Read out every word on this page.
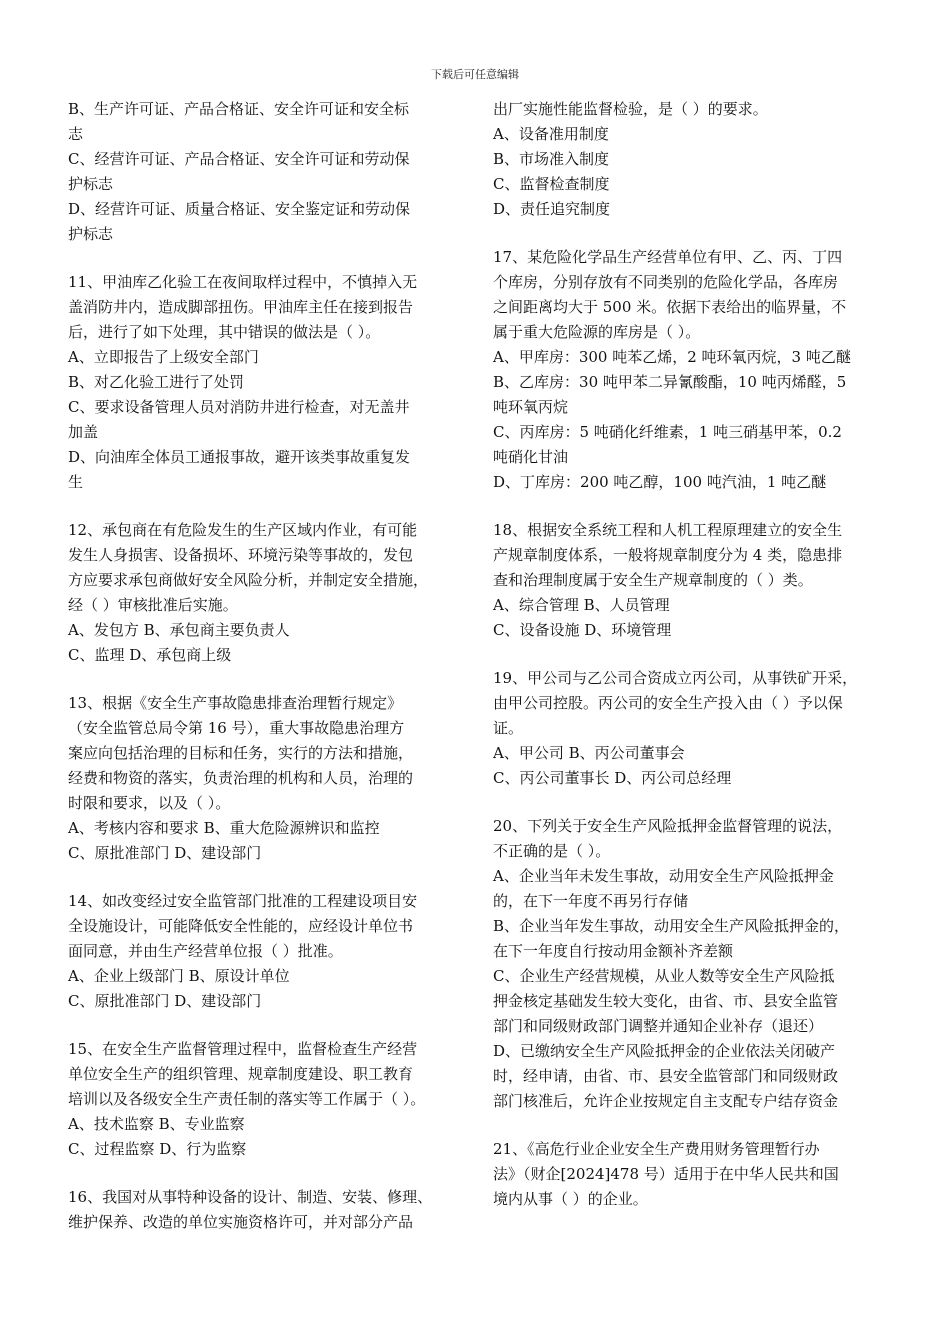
下载后可任意编辑
B、生产许可证、产品合格证、安全许可证和安全标
志
C、经营许可证、产品合格证、安全许可证和劳动保
护标志
D、经营许可证、质量合格证、安全鉴定证和劳动保
护标志
11、甲油库乙化验工在夜间取样过程中，不慎掉入无
盖消防井内，造成脚部扭伤。甲油库主任在接到报告
后，进行了如下处理，其中错误的做法是（ ）。
A、立即报告了上级安全部门
B、对乙化验工进行了处罚
C、要求设备管理人员对消防井进行检查，对无盖井
加盖
D、向油库全体员工通报事故，避开该类事故重复发
生
12、承包商在有危险发生的生产区域内作业，有可能
发生人身损害、设备损坏、环境污染等事故的，发包
方应要求承包商做好安全风险分析，并制定安全措施，
经（ ）审核批准后实施。
A、发包方 B、承包商主要负责人
C、监理 D、承包商上级
13、根据《安全生产事故隐患排查治理暂行规定》
（安全监管总局令第 16 号），重大事故隐患治理方
案应向包括治理的目标和任务，实行的方法和措施，
经费和物资的落实，负责治理的机构和人员，治理的
时限和要求，以及（ ）。
A、考核内容和要求 B、重大危险源辨识和监控
C、原批准部门 D、建设部门
14、如改变经过安全监管部门批准的工程建设项目安
全设施设计，可能降低安全性能的，应经设计单位书
面同意，并由生产经营单位报（ ）批准。
A、企业上级部门 B、原设计单位
C、原批准部门 D、建设部门
15、在安全生产监督管理过程中，监督检查生产经营
单位安全生产的组织管理、规章制度建设、职工教育
培训以及各级安全生产责任制的落实等工作属于（ ）。
A、技术监察 B、专业监察
C、过程监察 D、行为监察
16、我国对从事特种设备的设计、制造、安装、修理、
维护保养、改造的单位实施资格许可，并对部分产品
出厂实施性能监督检验，是（ ）的要求。
A、设备准用制度
B、市场准入制度
C、监督检查制度
D、责任追究制度
17、某危险化学品生产经营单位有甲、乙、丙、丁四
个库房，分别存放有不同类别的危险化学品，各库房
之间距离均大于 500 米。依据下表给出的临界量，不
属于重大危险源的库房是（ ）。
A、甲库房：300 吨苯乙烯，2 吨环氧丙烷，3 吨乙醚
B、乙库房：30 吨甲苯二异氰酸酯，10 吨丙烯醛，5
吨环氧丙烷
C、丙库房：5 吨硝化纤维素，1 吨三硝基甲苯，0.2
吨硝化甘油
D、丁库房：200 吨乙醇，100 吨汽油，1 吨乙醚
18、根据安全系统工程和人机工程原理建立的安全生
产规章制度体系，一般将规章制度分为 4 类，隐患排
查和治理制度属于安全生产规章制度的（ ）类。
A、综合管理 B、人员管理
C、设备设施 D、环境管理
19、甲公司与乙公司合资成立丙公司，从事铁矿开采，
由甲公司控股。丙公司的安全生产投入由（ ）予以保
证。
A、甲公司 B、丙公司董事会
C、丙公司董事长 D、丙公司总经理
20、下列关于安全生产风险抵押金监督管理的说法，
不正确的是（ ）。
A、企业当年未发生事故，动用安全生产风险抵押金
的，在下一年度不再另行存储
B、企业当年发生事故，动用安全生产风险抵押金的，
在下一年度自行按动用金额补齐差额
C、企业生产经营规模，从业人数等安全生产风险抵
押金核定基础发生较大变化，由省、市、县安全监管
部门和同级财政部门调整并通知企业补存（退还）
D、已缴纳安全生产风险抵押金的企业依法关闭破产
时，经申请，由省、市、县安全监管部门和同级财政
部门核准后，允许企业按规定自主支配专户结存资金
21、《高危行业企业安全生产费用财务管理暂行办
法》（财企[2024]478 号）适用于在中华人民共和国
境内从事（ ）的企业。
